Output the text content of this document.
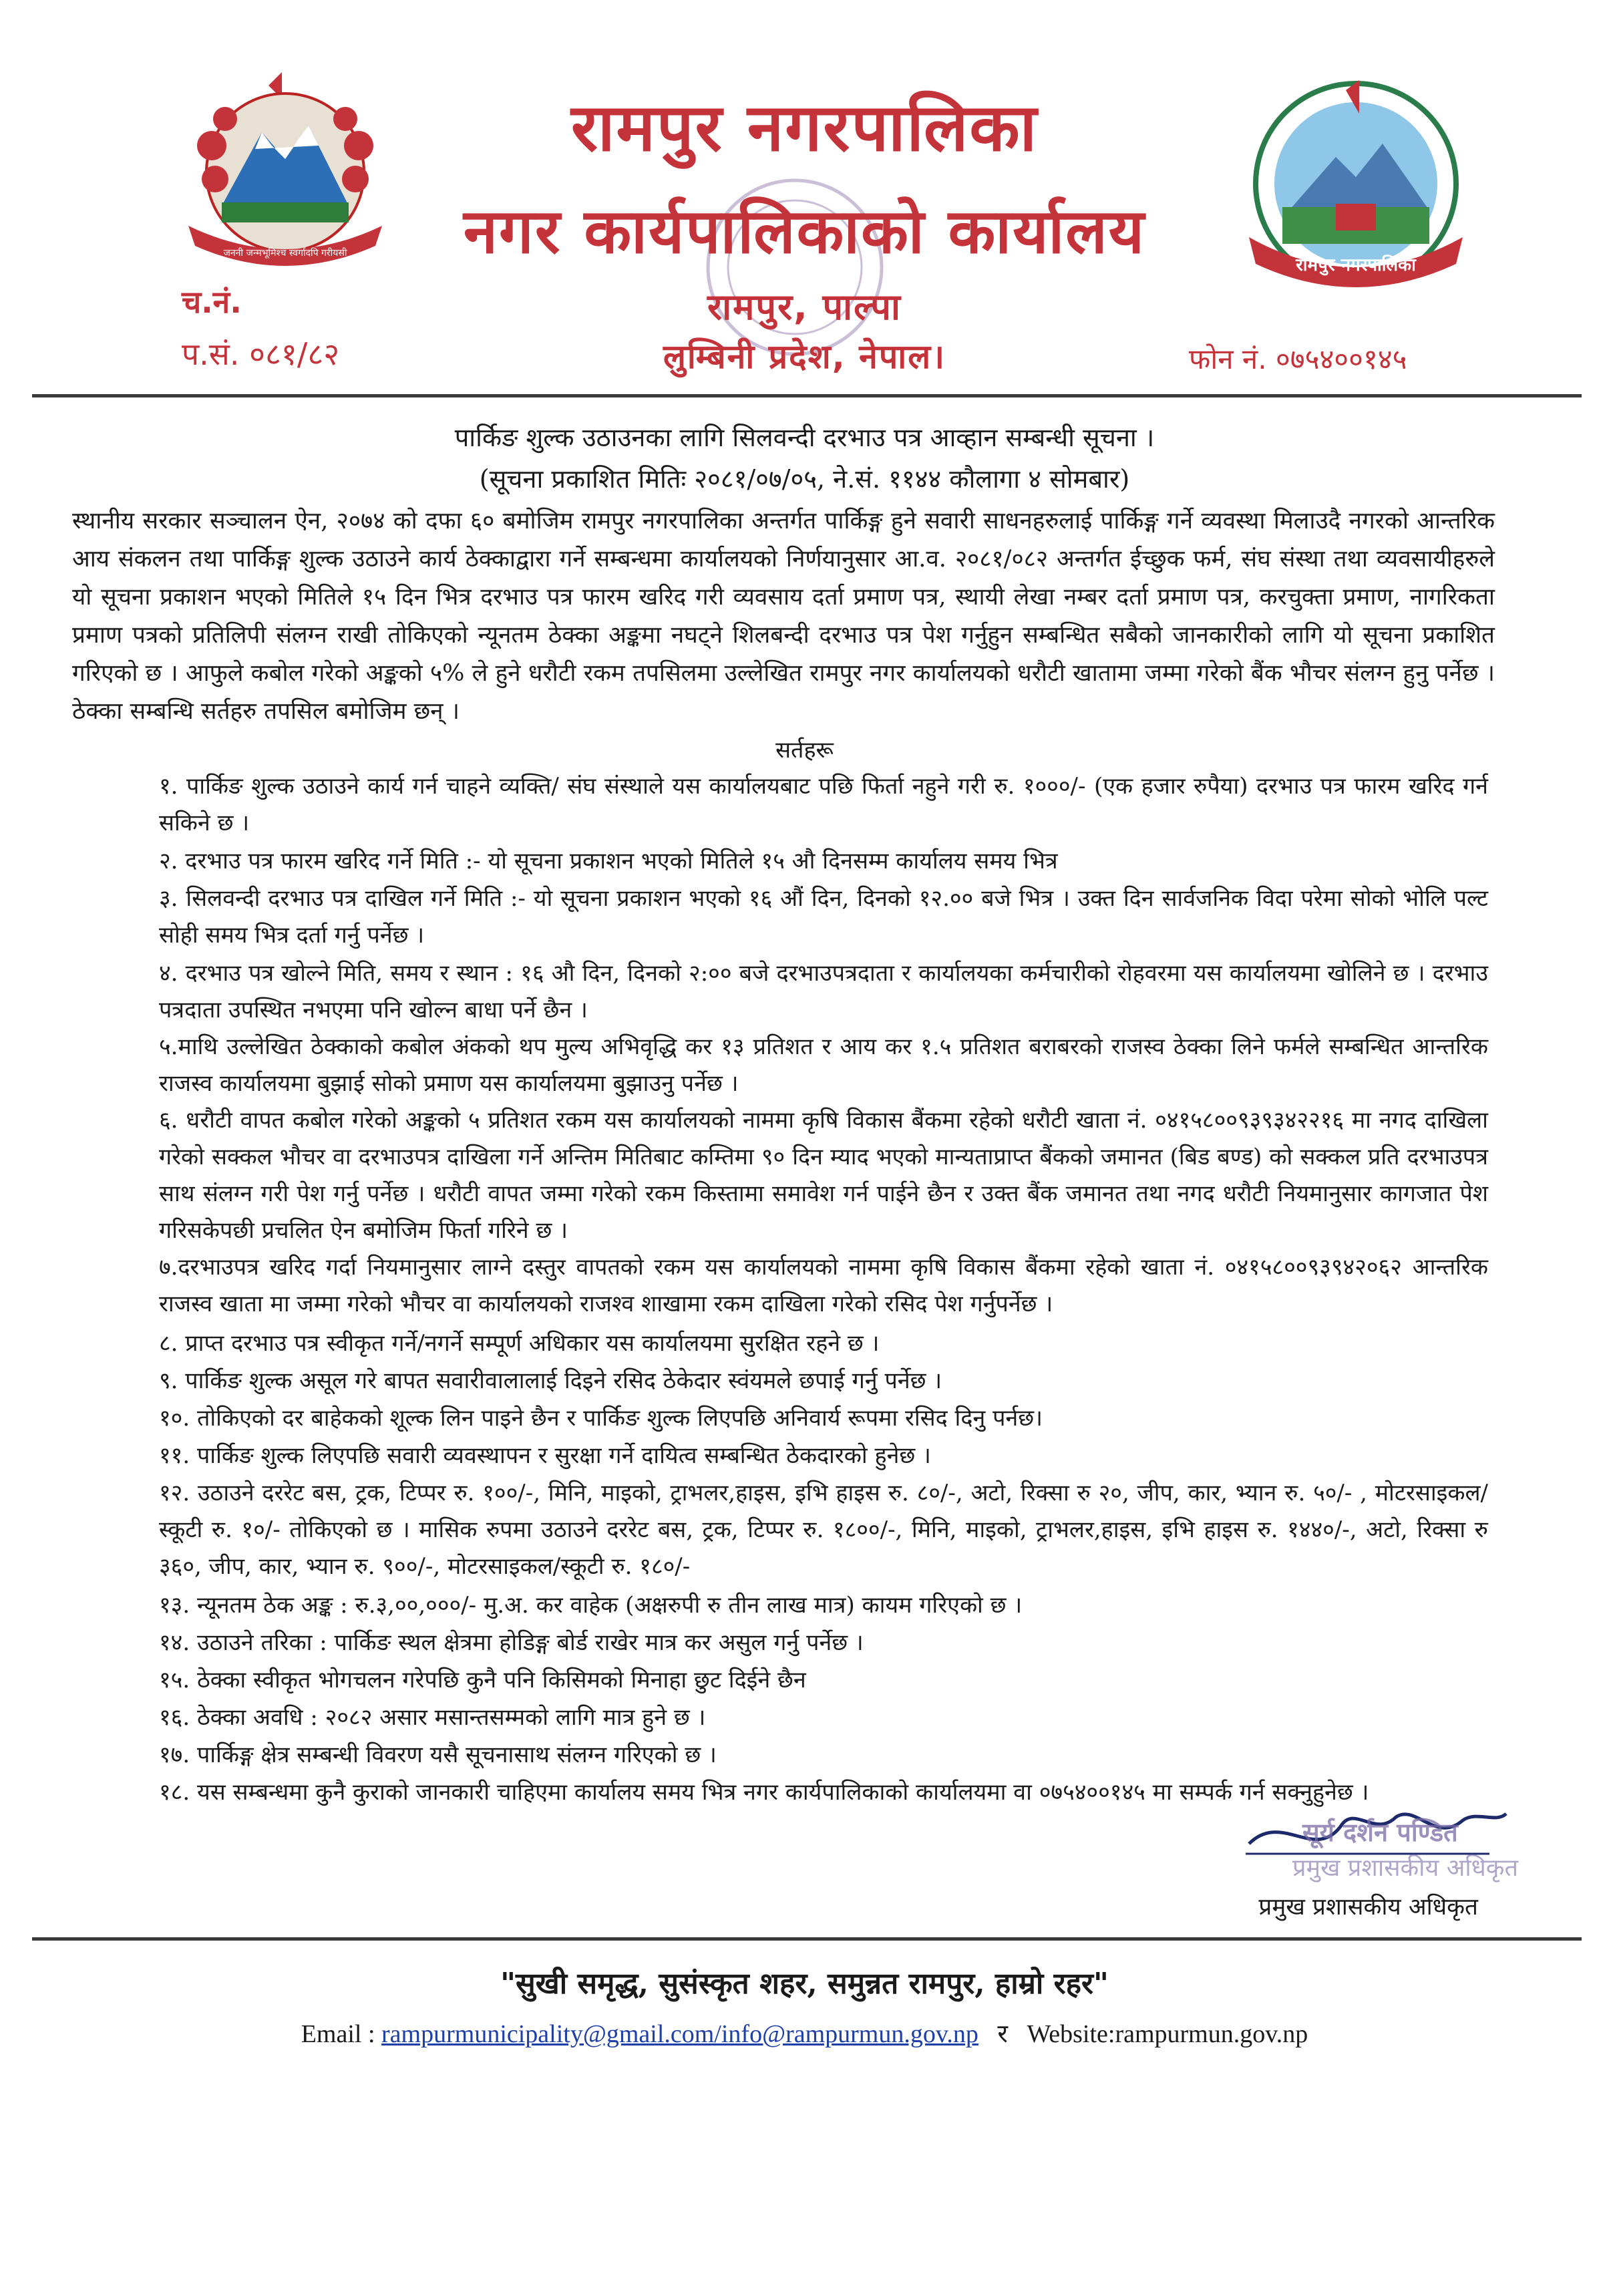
जननी जन्मभूमिश्च स्वर्गादपि गरीयसी
रामपुर नगरपालिका
रामपुर नगरपालिका
नगर कार्यपालिकाको कार्यालय
रामपुर, पाल्पा
लुम्बिनी प्रदेश, नेपाल।
च.नं.
प.सं. ०८१/८२	फोन नं. ०७५४००१४५
पार्किङ शुल्क उठाउनका लागि सिलवन्दी दरभाउ पत्र आव्हान सम्बन्धी सूचना ।
(सूचना प्रकाशित मितिः २०८१/०७/०५, ने.सं. ११४४ कौलागा ४ सोमबार)
स्थानीय सरकार सञ्चालन ऐन, २०७४ को दफा ६० बमोजिम रामपुर नगरपालिका अन्तर्गत पार्किङ्ग हुने सवारी साधनहरुलाई पार्किङ्ग गर्ने व्यवस्था मिलाउदै नगरको आन्तरिक आय संकलन तथा पार्किङ्ग शुल्क उठाउने कार्य ठेक्काद्वारा गर्ने सम्बन्धमा कार्यालयको निर्णयानुसार आ.व. २०८१/०८२ अन्तर्गत ईच्छुक फर्म, संघ संस्था तथा व्यवसायीहरुले यो सूचना प्रकाशन भएको मितिले १५ दिन भित्र दरभाउ पत्र फारम खरिद गरी व्यवसाय दर्ता प्रमाण पत्र, स्थायी लेखा नम्बर दर्ता प्रमाण पत्र, करचुक्ता प्रमाण, नागरिकता प्रमाण पत्रको प्रतिलिपी संलग्न राखी तोकिएको न्यूनतम ठेक्का अङ्कमा नघट्ने शिलबन्दी दरभाउ पत्र पेश गर्नुहुन सम्बन्धित सबैको जानकारीको लागि यो सूचना प्रकाशित गरिएको छ । आफुले कबोल गरेको अङ्कको ५% ले हुने धरौटी रकम तपसिलमा उल्लेखित रामपुर नगर कार्यालयको धरौटी खातामा जम्मा गरेको बैंक भौचर संलग्न हुनु पर्नेछ । ठेक्का सम्बन्धि सर्तहरु तपसिल बमोजिम छन् ।
सर्तहरू
१. पार्किङ शुल्क उठाउने कार्य गर्न चाहने व्यक्ति/ संघ संस्थाले यस कार्यालयबाट पछि फिर्ता नहुने गरी रु. १०००/- (एक हजार रुपैया) दरभाउ पत्र फारम खरिद गर्न सकिने छ ।
२. दरभाउ पत्र फारम खरिद गर्ने मिति :- यो सूचना प्रकाशन भएको मितिले १५ औ दिनसम्म कार्यालय समय भित्र
३. सिलवन्दी दरभाउ पत्र दाखिल गर्ने मिति :- यो सूचना प्रकाशन भएको १६ औं दिन, दिनको १२.०० बजे भित्र । उक्त दिन सार्वजनिक विदा परेमा सोको भोलि पल्ट सोही समय भित्र दर्ता गर्नु पर्नेछ ।
४. दरभाउ पत्र खोल्ने मिति, समय र स्थान : १६ औ दिन, दिनको २:०० बजे दरभाउपत्रदाता र कार्यालयका कर्मचारीको रोहवरमा यस कार्यालयमा खोलिने छ । दरभाउ पत्रदाता उपस्थित नभएमा पनि खोल्न बाधा पर्ने छैन ।
५.माथि उल्लेखित ठेक्काको कबोल अंकको थप मुल्य अभिवृद्धि कर १३ प्रतिशत र आय कर १.५ प्रतिशत बराबरको राजस्व ठेक्का लिने फर्मले सम्बन्धित आन्तरिक राजस्व कार्यालयमा बुझाई सोको प्रमाण यस कार्यालयमा बुझाउनु पर्नेछ ।
६. धरौटी वापत कबोल गरेको अङ्कको ५ प्रतिशत रकम यस कार्यालयको नाममा कृषि विकास बैंकमा रहेको धरौटी खाता नं. ०४१५८००९३९३४२२१६ मा नगद दाखिला गरेको सक्कल भौचर वा दरभाउपत्र दाखिला गर्ने अन्तिम मितिबाट कम्तिमा ९० दिन म्याद भएको मान्यताप्राप्त बैंकको जमानत (बिड बण्ड) को सक्कल प्रति दरभाउपत्र साथ संलग्न गरी पेश गर्नु पर्नेछ । धरौटी वापत जम्मा गरेको रकम किस्तामा समावेश गर्न पाईने छैन र उक्त बैंक जमानत तथा नगद धरौटी नियमानुसार कागजात पेश गरिसकेपछी प्रचलित ऐन बमोजिम फिर्ता गरिने छ ।
७.दरभाउपत्र खरिद गर्दा नियमानुसार लाग्ने दस्तुर वापतको रकम यस कार्यालयको नाममा कृषि विकास बैंकमा रहेको खाता नं. ०४१५८००९३९४२०६२ आन्तरिक राजस्व खाता मा जम्मा गरेको भौचर वा कार्यालयको राजश्व शाखामा रकम दाखिला गरेको रसिद पेश गर्नुपर्नेछ ।
८. प्राप्त दरभाउ पत्र स्वीकृत गर्ने/नगर्ने सम्पूर्ण अधिकार यस कार्यालयमा सुरक्षित रहने छ ।
९. पार्किङ शुल्क असूल गरे बापत सवारीवालालाई दिइने रसिद ठेकेदार स्वंयमले छपाई गर्नु पर्नेछ ।
१०. तोकिएको दर बाहेकको शूल्क लिन पाइने छैन र पार्किङ शुल्क लिएपछि अनिवार्य रूपमा रसिद दिनु पर्नछ।
११. पार्किङ शुल्क लिएपछि सवारी व्यवस्थापन र सुरक्षा गर्ने दायित्व सम्बन्धित ठेकदारको हुनेछ ।
१२. उठाउने दररेट बस, ट्रक, टिप्पर रु. १००/-, मिनि, माइको, ट्राभलर,हाइस, इभि हाइस रु. ८०/-, अटो, रिक्सा रु २०, जीप, कार, भ्यान रु. ५०/- , मोटरसाइकल/स्कूटी रु. १०/- तोकिएको छ । मासिक रुपमा उठाउने दररेट बस, ट्रक, टिप्पर रु. १८००/-, मिनि, माइको, ट्राभलर,हाइस, इभि हाइस रु. १४४०/-, अटो, रिक्सा रु ३६०, जीप, कार, भ्यान रु. ९००/-, मोटरसाइकल/स्कूटी रु. १८०/-
१३. न्यूनतम ठेक अङ्क : रु.३,००,०००/- मु.अ. कर वाहेक (अक्षरुपी रु तीन लाख मात्र) कायम गरिएको छ ।
१४. उठाउने तरिका : पार्किङ स्थल क्षेत्रमा होडिङ्ग बोर्ड राखेर मात्र कर असुल गर्नु पर्नेछ ।
१५. ठेक्का स्वीकृत भोगचलन गरेपछि कुनै पनि किसिमको मिनाहा छुट दिईने छैन
१६. ठेक्का अवधि : २०८२ असार मसान्तसम्मको लागि मात्र हुने छ ।
१७. पार्किङ्ग क्षेत्र सम्बन्धी विवरण यसै सूचनासाथ संलग्न गरिएको छ ।
१८. यस सम्बन्धमा कुनै कुराको जानकारी चाहिएमा कार्यालय समय भित्र नगर कार्यपालिकाको कार्यालयमा वा ०७५४००१४५ मा सम्पर्क गर्न सक्नुहुनेछ ।
सूर्य दर्शन पण्डित
प्रमुख प्रशासकीय अधिकृत
प्रमुख प्रशासकीय अधिकृत
"सुखी समृद्ध, सुसंस्कृत शहर, समुन्नत रामपुर, हाम्रो रहर"
Email : rampurmunicipality@gmail.com/info@rampurmun.gov.np र Website:rampurmun.gov.np
